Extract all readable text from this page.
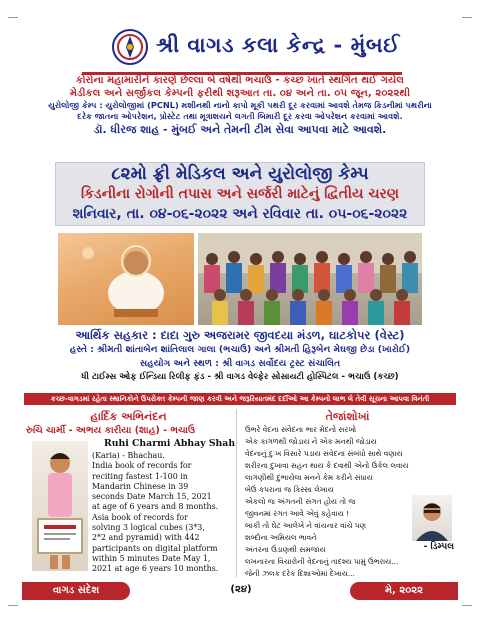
શ્રી વાગડ કલા કેન્દ્ર - મુંબઈ

કોરોના મહામારીને કારણે છેલ્લા બે વર્ષથી ભચાઉ - કચ્છ ખાતે સ્થગિત થઈ ગયેલ

મેડીકલ અને સર્જીકલ કેમ્પની ફરીથી શરૂઆત તા. ૦૪ અને તા. ૦૫ જૂન, ૨૦૨૨થી

યુરોલોજી કેમ્પ : યુરોલોજીમાં (PCNL) મશીનથી નાનો કાપો મૂકી પથરી દૂર કરવામાં આવશે તેમજ કિડનીમાં પથરીના

દરેક જાતના ઓપરેશન, પ્રોસ્ટેટ તથા મૂત્રાશયને લગતી બિમારી દૂર કરવા ઓપરેશન કરવામાં આવશે.

ડૉ. ધીરજ શાહ - મુંબઈ અને તેમની ટીમ સેવા આપવા માટે આવશે.

૮૨મો ફ્રી મેડિકલ અને યુરોલોજી કેમ્પ

કિડનીના રોગોની તપાસ અને સર્જરી માટેનું દ્વિતીય ચરણ

શનિવાર, તા. ૦૪-૦૬-૨૦૨૨ અને રવિવાર તા. ૦૫-૦૬-૨૦૨૨

આર્થિક સહકાર : દાદા ગુરુ અજરામર જીવદયા મંડળ, ઘાટકોપર (વેસ્ટ)

હસ્તે : શ્રીમતી શાંતાબેન શાંતિલાલ ગાલા (ભચાઉ) અને શ્રીમતી હિરૂબેન મેઘજી છેડા (ખારોઈ)

સહયોગ અને સ્થળ : શ્રી વાગડ સર્વોદય ટ્રસ્ટ સંચાલિત

ધી ટાઈમ્સ ઓફ ઈન્ડિયા રિલીફ ફંડ - શ્રી વાગડ વેલ્ફેર સોસાયટી હોસ્પિટલ - ભચાઉ (કચ્છ)

કચ્છ-વાગડમાં રહેતા સ્થાનિકોને ઉપરોક્ત કેમ્પની જાણ કરવી અને જરૂરિયાતમંદ દર્દીઓ આ કેમ્પનો લાભ લે તેવી સૂચના આપવા વિનંતી

હાર્દિક અભિનંદન

રુચિ ચાર્મી - અભય કારીયા (શાહ) - ભચાઉ

Ruhi Charmi Abhay Shah

(Karia) - Bhachau.

India book of records for

reciting fastest 1-100 in

Mandarin Chinese in 39

seconds Date March 15, 2021

at age of 6 years and 8 months.

Asia book of records for

solving 3 logical cubes (3*3,

2*2 and pyramid) with 442

participants on digital platform

within 5 minutes Date May 1,

2021 at age 6 years 10 months.

તેજાંશોખાં

ઉભરે વેદના સંવેદના ભાર મેદનો સરખો

એક કાગળથી જોડાય ને એક મનથી જોડાય

વેદનાનું દુઃખ વિસારે પડાય સંવેદના સંબંધો સાથે વણાય

શરીરના દુખાવા સહન થાય કે દવાથી એનો ઉકેલ લવાય

લાગણીથી દુભાયેલા મનને કેમ કરીને સંધાય

બેઉ કપરાના જ કિસ્સા લેખાય

એકલો જ અંગતની સંગત હોય તો જ

જીવનમાં રંગત આવે એવું કહેવાય !

બાકી તો ઘેટ આલેખે ને વાંચનાર વાંચે પણ

શબ્દોના અમિયલ ભાવને

અંતરના ઉંડાણથી સમજાય

લખનારના વિચારોની વેદનાનું તાદશ્ય પામું ઉભરાય...

જેની ઝલક દરેક દિશાઓમાં દેખાય...

- ડિમ્પલ

વાગડ સંદેશ	(૨૪)	મે, ૨૦૨૨
